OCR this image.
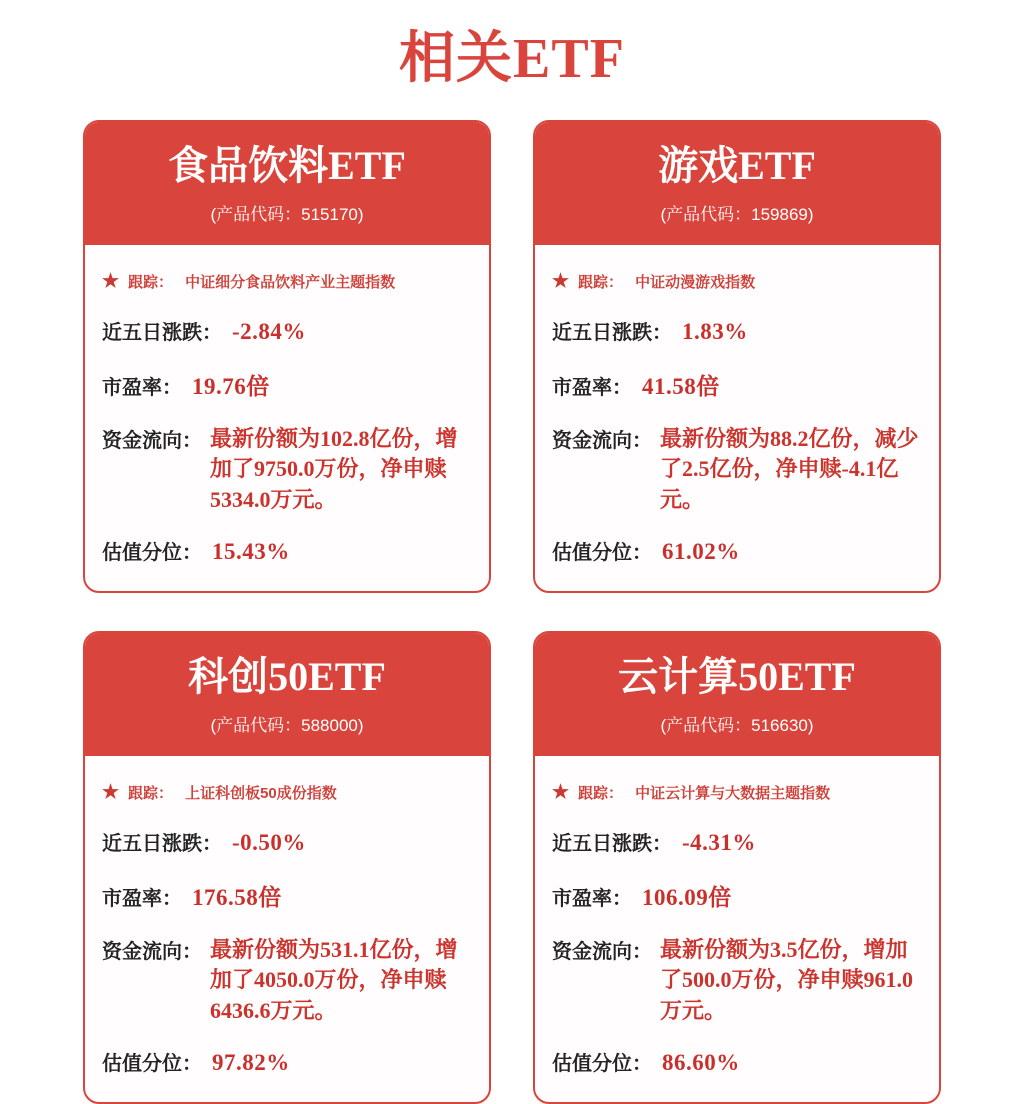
相关ETF
食品饮料ETF
(产品代码：515170)
★ 跟踪： 中证细分食品饮料产业主题指数
近五日涨跌： -2.84%
市盈率： 19.76倍
资金流向： 最新份额为102.8亿份，增加了9750.0万份，净申赎5334.0万元。
估值分位： 15.43%
游戏ETF
(产品代码：159869)
★ 跟踪： 中证动漫游戏指数
近五日涨跌： 1.83%
市盈率： 41.58倍
资金流向： 最新份额为88.2亿份，减少了2.5亿份，净申赎-4.1亿元。
估值分位： 61.02%
科创50ETF
(产品代码：588000)
★ 跟踪： 上证科创板50成份指数
近五日涨跌： -0.50%
市盈率： 176.58倍
资金流向： 最新份额为531.1亿份，增加了4050.0万份，净申赎6436.6万元。
估值分位： 97.82%
云计算50ETF
(产品代码：516630)
★ 跟踪： 中证云计算与大数据主题指数
近五日涨跌： -4.31%
市盈率： 106.09倍
资金流向： 最新份额为3.5亿份，增加了500.0万份，净申赎961.0万元。
估值分位： 86.60%
